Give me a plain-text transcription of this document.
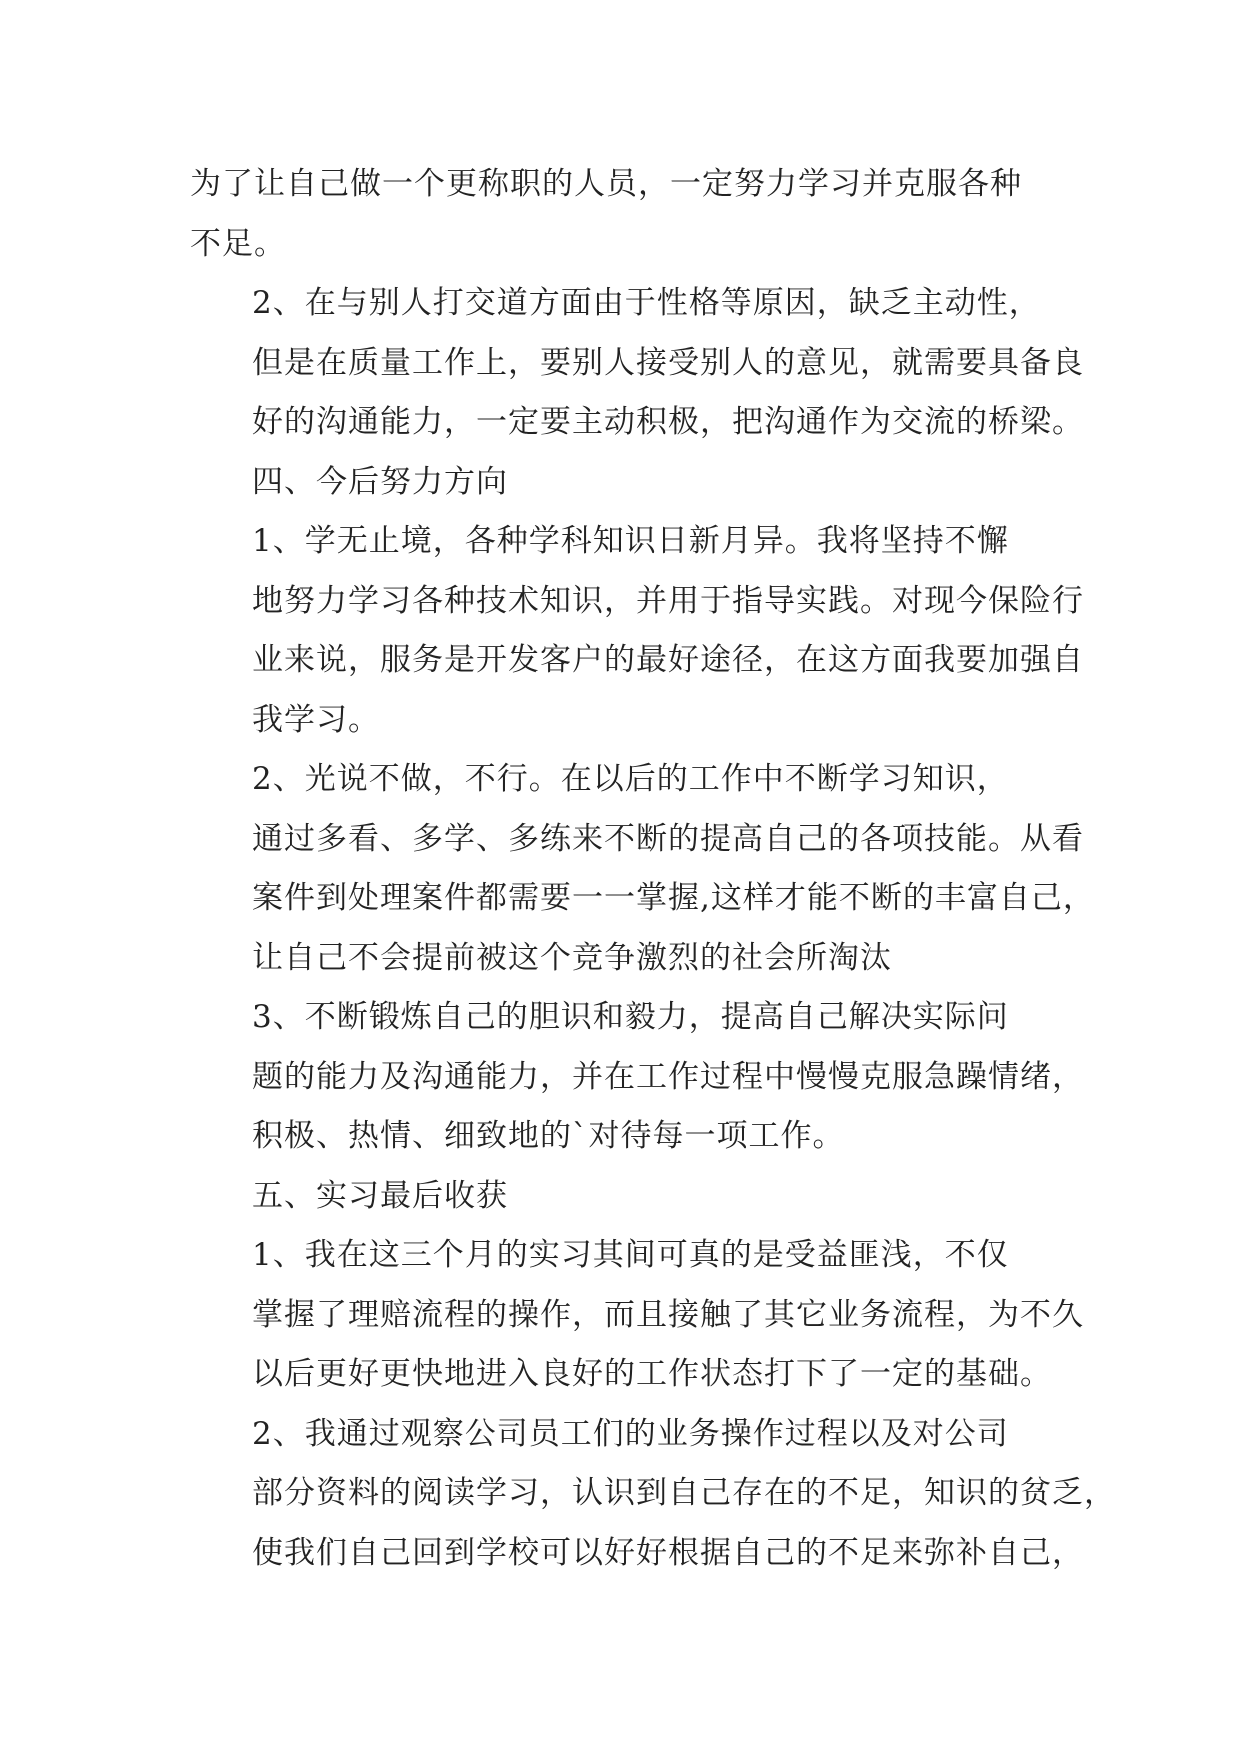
为了让自己做一个更称职的人员，一定努力学习并克服各种
不足。

2、在与别人打交道方面由于性格等原因，缺乏主动性，
但是在质量工作上，要别人接受别人的意见，就需要具备良
好的沟通能力，一定要主动积极，把沟通作为交流的桥梁。

四、今后努力方向

1、学无止境，各种学科知识日新月异。我将坚持不懈
地努力学习各种技术知识，并用于指导实践。对现今保险行
业来说，服务是开发客户的最好途径，在这方面我要加强自
我学习。

2、光说不做，不行。在以后的工作中不断学习知识，
通过多看、多学、多练来不断的提高自己的各项技能。从看
案件到处理案件都需要一一掌握,这样才能不断的丰富自己，
让自己不会提前被这个竞争激烈的社会所淘汰

3、不断锻炼自己的胆识和毅力，提高自己解决实际问
题的能力及沟通能力，并在工作过程中慢慢克服急躁情绪，
积极、热情、细致地的`对待每一项工作。

五、实习最后收获

1、我在这三个月的实习其间可真的是受益匪浅，不仅
掌握了理赔流程的操作，而且接触了其它业务流程，为不久
以后更好更快地进入良好的工作状态打下了一定的基础。

2、我通过观察公司员工们的业务操作过程以及对公司
部分资料的阅读学习，认识到自己存在的不足，知识的贫乏，
使我们自己回到学校可以好好根据自己的不足来弥补自己，
